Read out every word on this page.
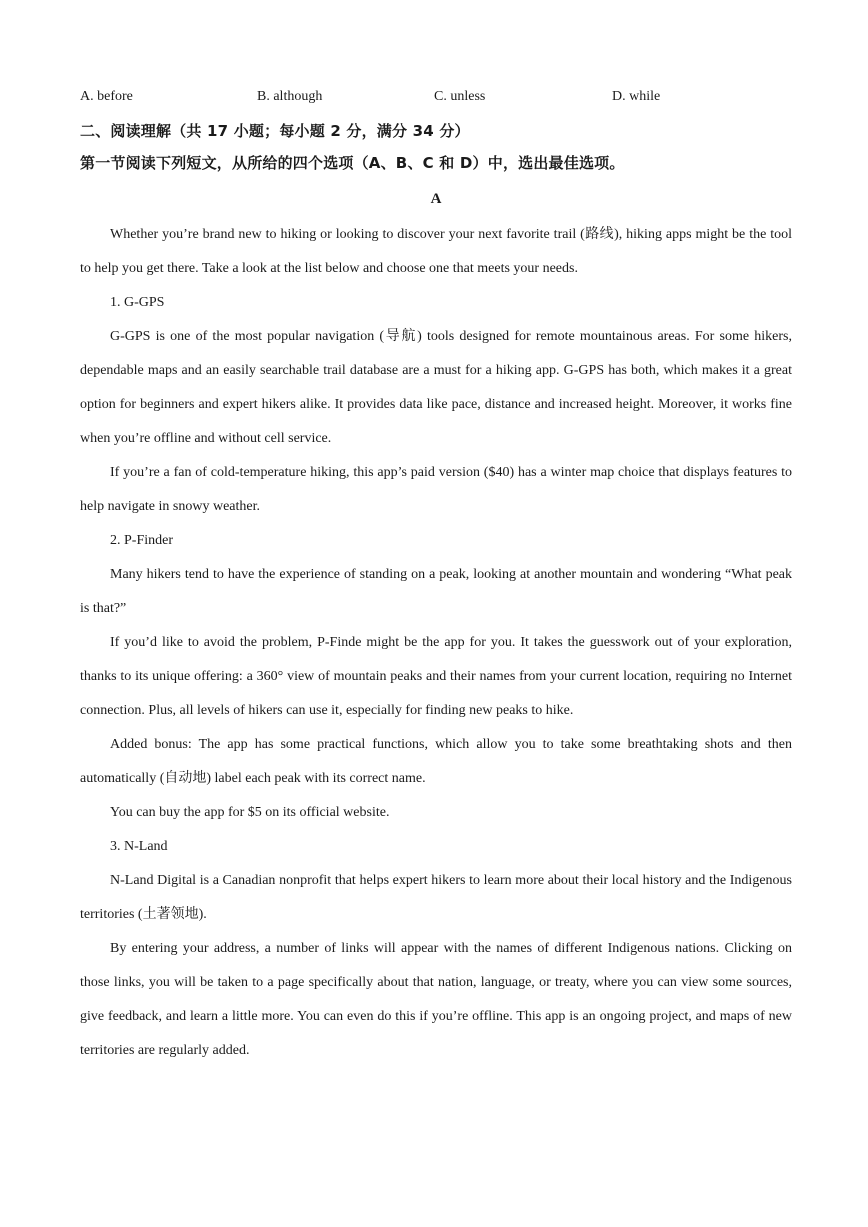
A. before	B. although	C. unless	D. while

二、阅读理解（共 17 小题；每小题 2 分，满分 34 分）

第一节阅读下列短文，从所给的四个选项（A、B、C 和 D）中，选出最佳选项。

A

Whether you’re brand new to hiking or looking to discover your next favorite trail (路线), hiking apps might be the tool to help you get there. Take a look at the list below and choose one that meets your needs.

1. G-GPS

G-GPS is one of the most popular navigation (导航) tools designed for remote mountainous areas. For some hikers, dependable maps and an easily searchable trail database are a must for a hiking app. G-GPS has both, which makes it a great option for beginners and expert hikers alike. It provides data like pace, distance and increased height. Moreover, it works fine when you’re offline and without cell service.

If you’re a fan of cold-temperature hiking, this app’s paid version ($40) has a winter map choice that displays features to help navigate in snowy weather.

2. P-Finder

Many hikers tend to have the experience of standing on a peak, looking at another mountain and wondering “What peak is that?”

If you’d like to avoid the problem, P-Finde might be the app for you. It takes the guesswork out of your exploration, thanks to its unique offering: a 360° view of mountain peaks and their names from your current location, requiring no Internet connection. Plus, all levels of hikers can use it, especially for finding new peaks to hike.

Added bonus: The app has some practical functions, which allow you to take some breathtaking shots and then automatically (自动地) label each peak with its correct name.

You can buy the app for $5 on its official website.

3. N-Land

N-Land Digital is a Canadian nonprofit that helps expert hikers to learn more about their local history and the Indigenous territories (土著领地).

By entering your address, a number of links will appear with the names of different Indigenous nations. Clicking on those links, you will be taken to a page specifically about that nation, language, or treaty, where you can view some sources, give feedback, and learn a little more. You can even do this if you’re offline. This app is an ongoing project, and maps of new territories are regularly added.
